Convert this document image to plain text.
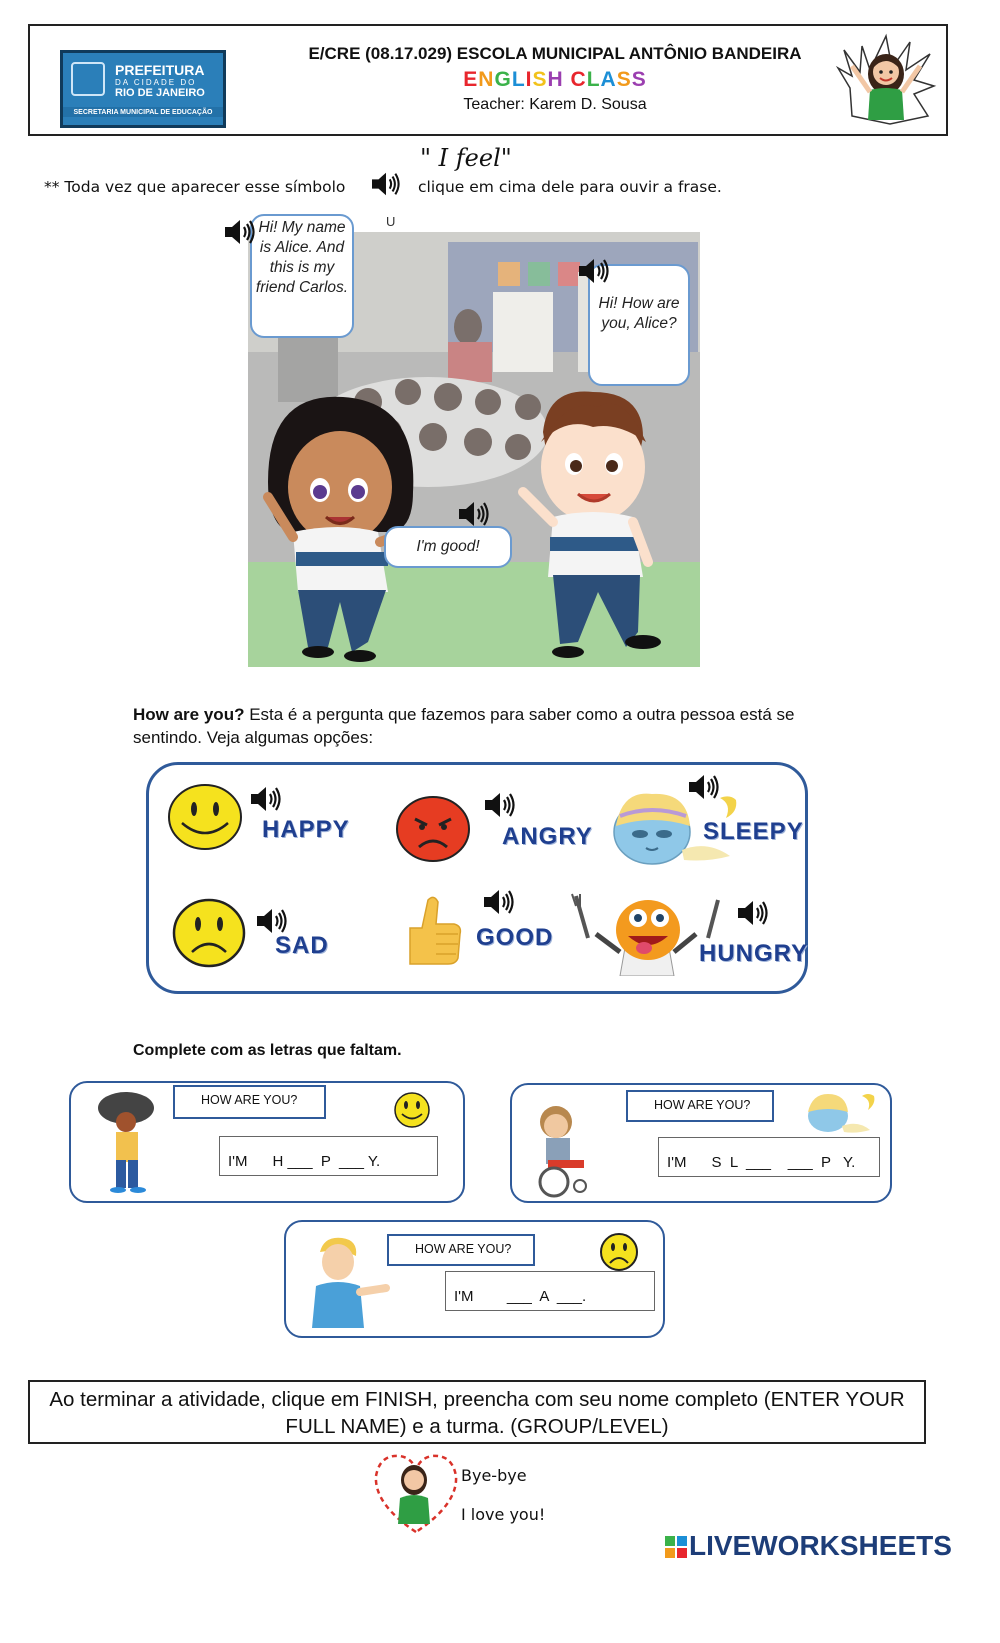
PREFEITURA
DA CIDADE DO
RIO DE JANEIRO
SECRETARIA MUNICIPAL DE EDUCAÇÃO
E/CRE (08.17.029) ESCOLA MUNICIPAL ANTÔNIO BANDEIRA
ENGLISH CLASS
Teacher: Karem D. Sousa
" I feel"
** Toda vez que aparecer esse símbolo	clique em cima dele para ouvir a frase.
U
Hi! My name is Alice. And this is my friend Carlos.
Hi! How are you, Alice?
I'm good!
How are you? Esta é a pergunta que fazemos para saber como a outra pessoa está se sentindo. Veja algumas opções:
HAPPY	ANGRY	SLEEPY
SAD	GOOD
HUNGRY
Complete com as letras que faltam.
HOW ARE YOU?
I'M      H ___  P  ___ Y.
HOW ARE YOU?
I'M      S  L  ___    ___  P   Y.
HOW ARE YOU?
I'M        ___  A  ___.
Ao terminar a atividade, clique em FINISH, preencha com seu nome completo (ENTER YOUR FULL NAME) e a turma. (GROUP/LEVEL)
Bye-bye
I love you!
LIVEWORKSHEETS
